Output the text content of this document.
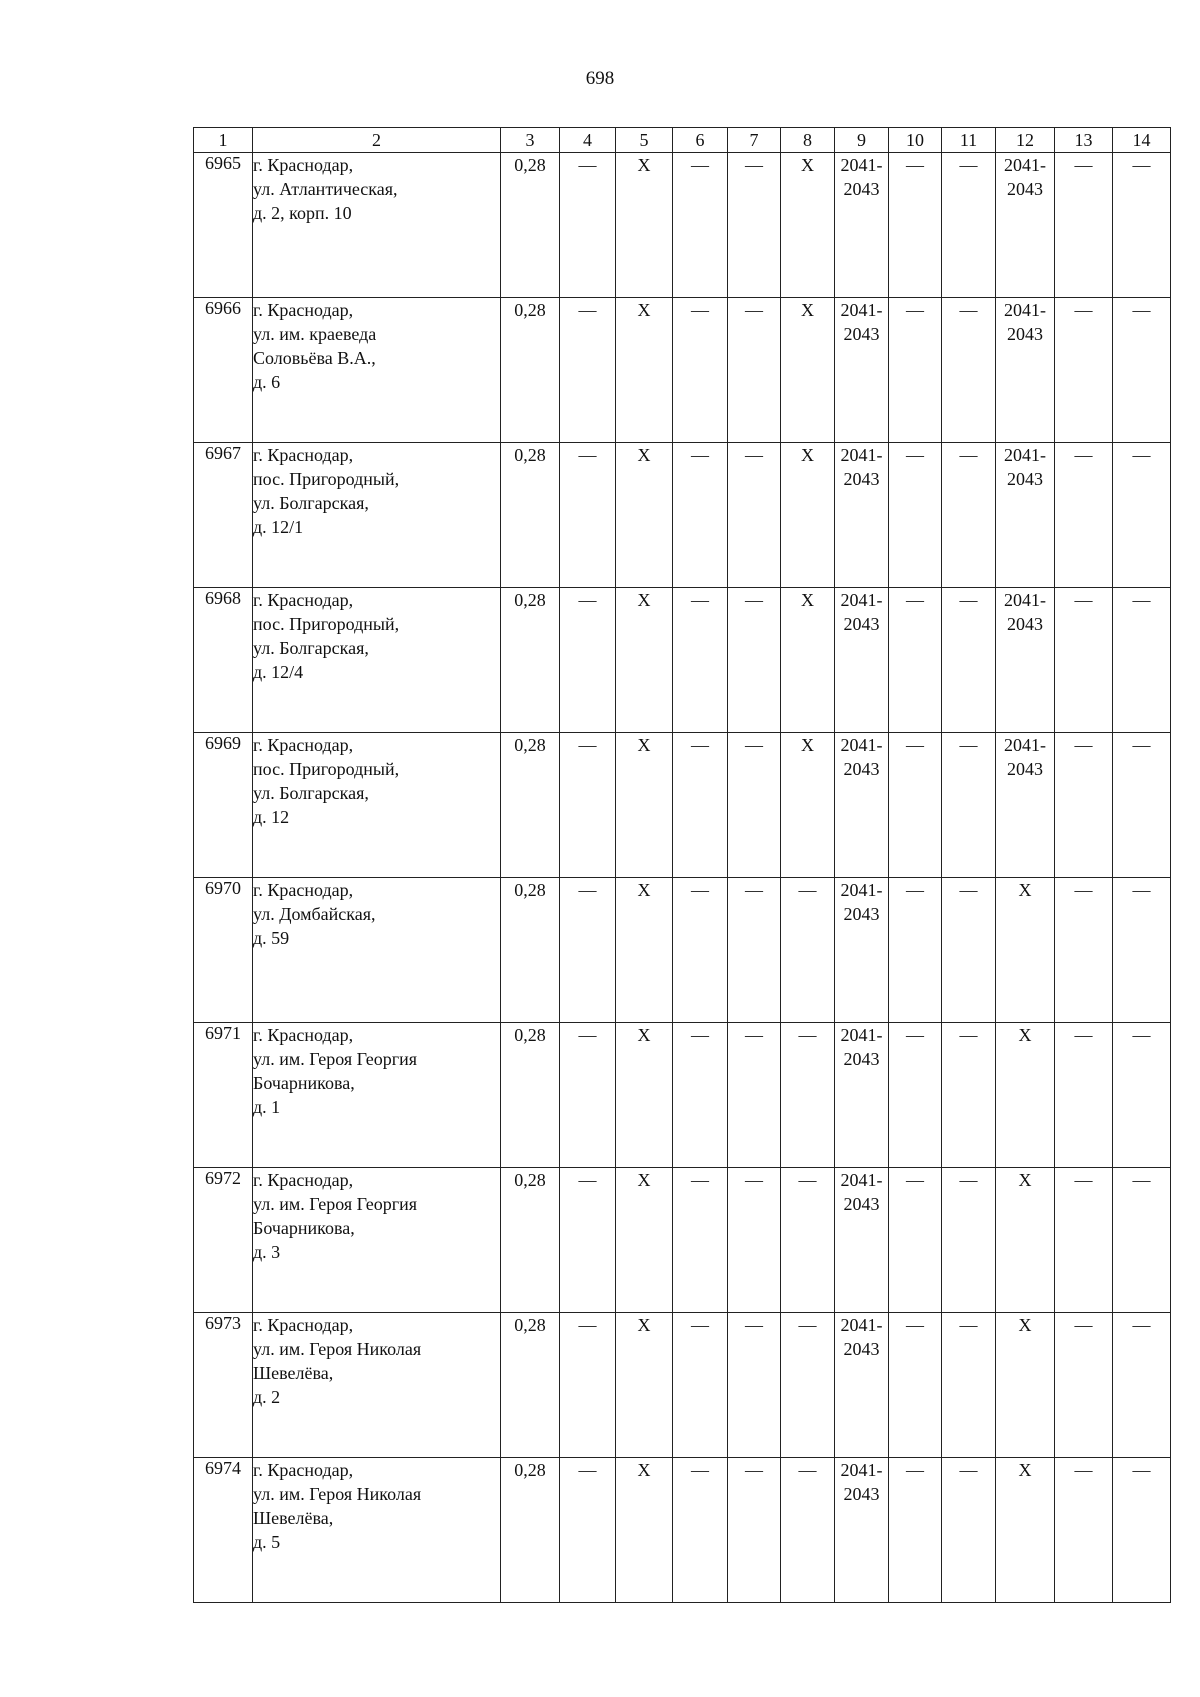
698
1	2	3	4	5	6	7	8	9	10	11	12	13	14
6965	г. Краснодар,
ул. Атлантическая,
д. 2, корп. 10	0,28	—	X	—	—	X	2041-
2043	—	—	2041-
2043	—	—
6966	г. Краснодар,
ул. им. краеведа
Соловьёва В.А.,
д. 6	0,28	—	X	—	—	X	2041-
2043	—	—	2041-
2043	—	—
6967	г. Краснодар,
пос. Пригородный,
ул. Болгарская,
д. 12/1	0,28	—	X	—	—	X	2041-
2043	—	—	2041-
2043	—	—
6968	г. Краснодар,
пос. Пригородный,
ул. Болгарская,
д. 12/4	0,28	—	X	—	—	X	2041-
2043	—	—	2041-
2043	—	—
6969	г. Краснодар,
пос. Пригородный,
ул. Болгарская,
д. 12	0,28	—	X	—	—	X	2041-
2043	—	—	2041-
2043	—	—
6970	г. Краснодар,
ул. Домбайская,
д. 59	0,28	—	X	—	—	—	2041-
2043	—	—	X	—	—
6971	г. Краснодар,
ул. им. Героя Георгия
Бочарникова,
д. 1	0,28	—	X	—	—	—	2041-
2043	—	—	X	—	—
6972	г. Краснодар,
ул. им. Героя Георгия
Бочарникова,
д. 3	0,28	—	X	—	—	—	2041-
2043	—	—	X	—	—
6973	г. Краснодар,
ул. им. Героя Николая
Шевелёва,
д. 2	0,28	—	X	—	—	—	2041-
2043	—	—	X	—	—
6974	г. Краснодар,
ул. им. Героя Николая
Шевелёва,
д. 5	0,28	—	X	—	—	—	2041-
2043	—	—	X	—	—
